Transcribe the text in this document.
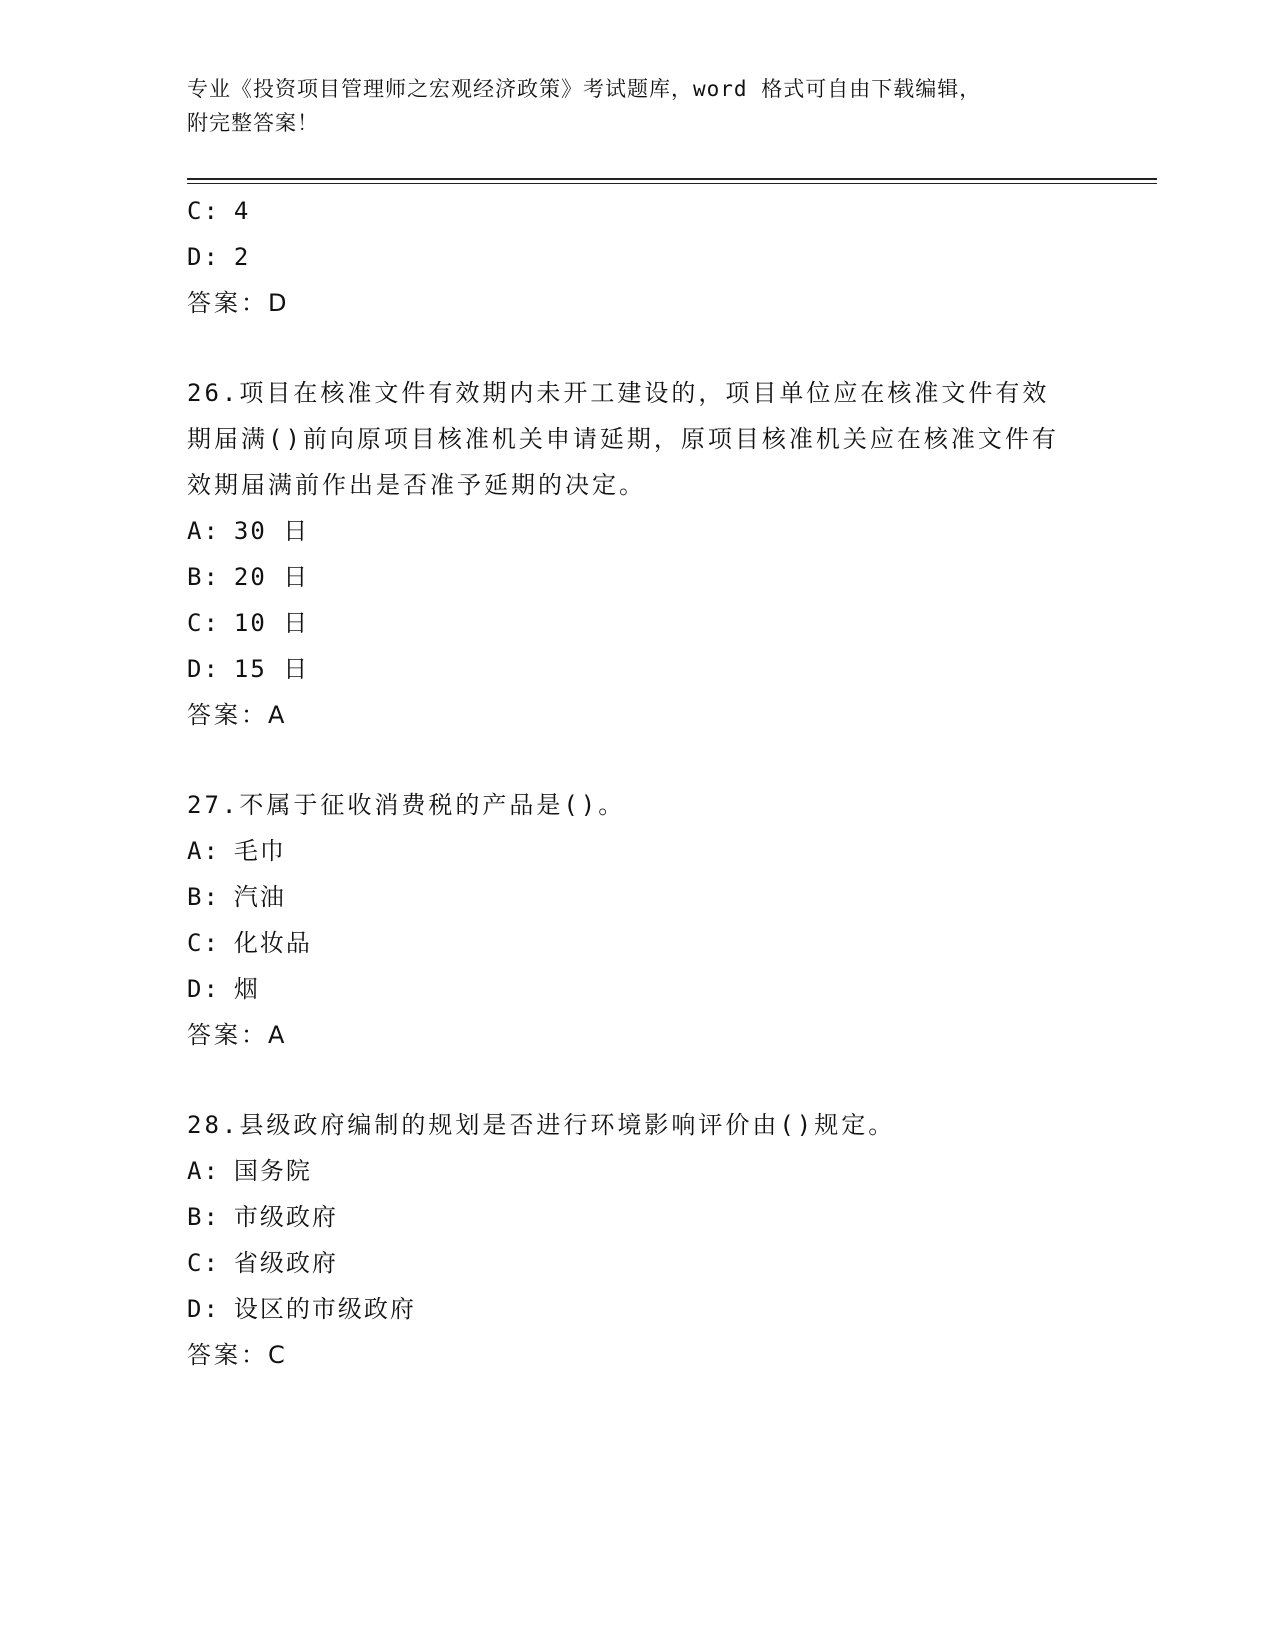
专业《投资项目管理师之宏观经济政策》考试题库，word 格式可自由下载编辑，
附完整答案！
C: 4
D: 2
答案：D
26.项目在核准文件有效期内未开工建设的，项目单位应在核准文件有效期届满()前向原项目核准机关申请延期，原项目核准机关应在核准文件有效期届满前作出是否准予延期的决定。
A: 30 日
B: 20 日
C: 10 日
D: 15 日
答案：A
27.不属于征收消费税的产品是()。
A: 毛巾
B: 汽油
C: 化妆品
D: 烟
答案：A
28.县级政府编制的规划是否进行环境影响评价由()规定。
A: 国务院
B: 市级政府
C: 省级政府
D: 设区的市级政府
答案：C
